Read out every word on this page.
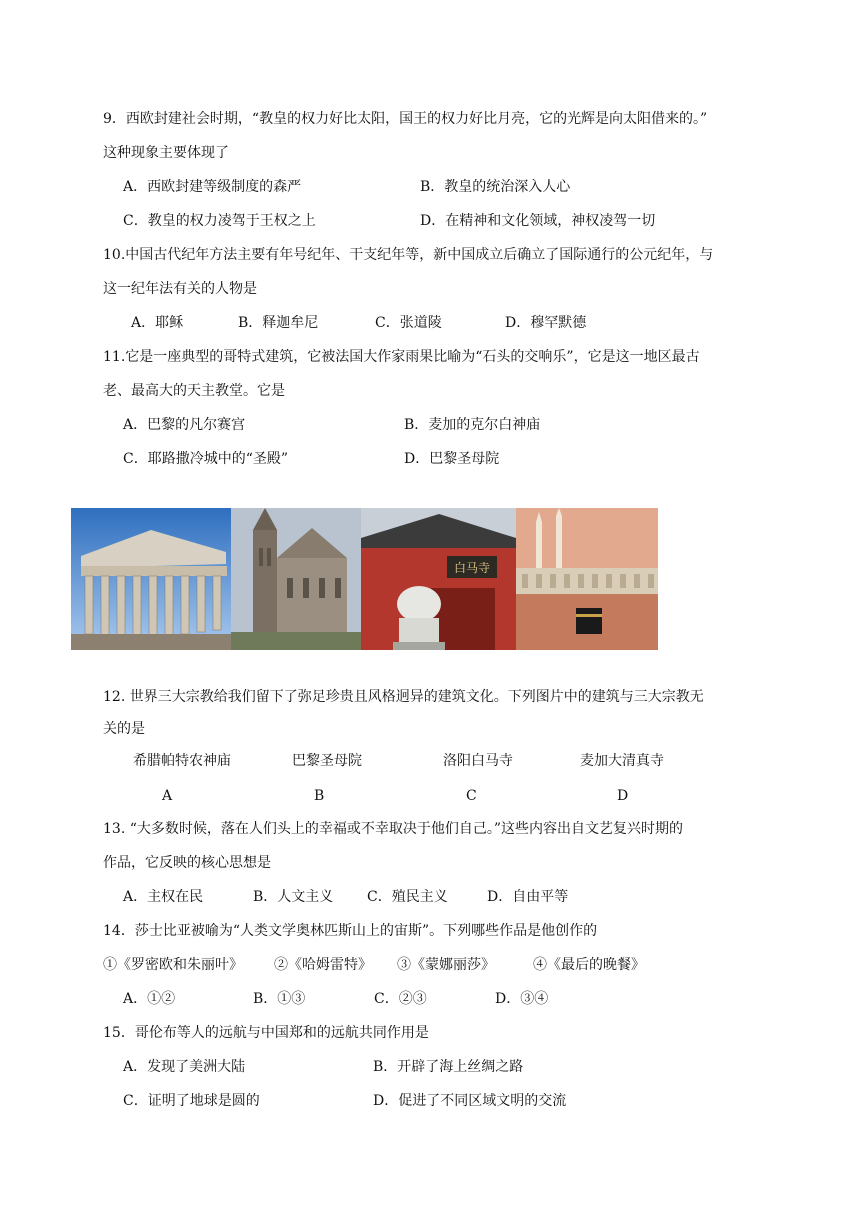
9．西欧封建社会时期，“教皇的权力好比太阳，国王的权力好比月亮，它的光辉是向太阳借来的。”
这种现象主要体现了
A．西欧封建等级制度的森严	B．教皇的统治深入人心
C．教皇的权力凌驾于王权之上	D．在精神和文化领域，神权凌驾一切
10.中国古代纪年方法主要有年号纪年、干支纪年等，新中国成立后确立了国际通行的公元纪年，与
这一纪年法有关的人物是
A．耶稣	B．释迦牟尼	C．张道陵	D．穆罕默德
11.它是一座典型的哥特式建筑，它被法国大作家雨果比喻为“石头的交响乐”，它是这一地区最古
老、最高大的天主教堂。它是
A．巴黎的凡尔赛宫	B．麦加的克尔白神庙
C．耶路撒冷城中的“圣殿”	D．巴黎圣母院
白马寺
12. 世界三大宗教给我们留下了弥足珍贵且风格迥异的建筑文化。下列图片中的建筑与三大宗教无
关的是
希腊帕特农神庙	巴黎圣母院	洛阳白马寺	麦加大清真寺
A	B	C	D
13. “大多数时候，落在人们头上的幸福或不幸取决于他们自己。”这些内容出自文艺复兴时期的
作品，它反映的核心思想是
A．主权在民	B．人文主义 C．殖民主义	D．自由平等
14．莎士比亚被喻为“人类文学奥林匹斯山上的宙斯”。下列哪些作品是他创作的
①《罗密欧和朱丽叶》 ②《哈姆雷特》 ③《蒙娜丽莎》	④《最后的晚餐》
A．①②	B．①③	C．②③	D．③④
15．哥伦布等人的远航与中国郑和的远航共同作用是
A．发现了美洲大陆	B．开辟了海上丝绸之路
C．证明了地球是圆的	D．促进了不同区域文明的交流
